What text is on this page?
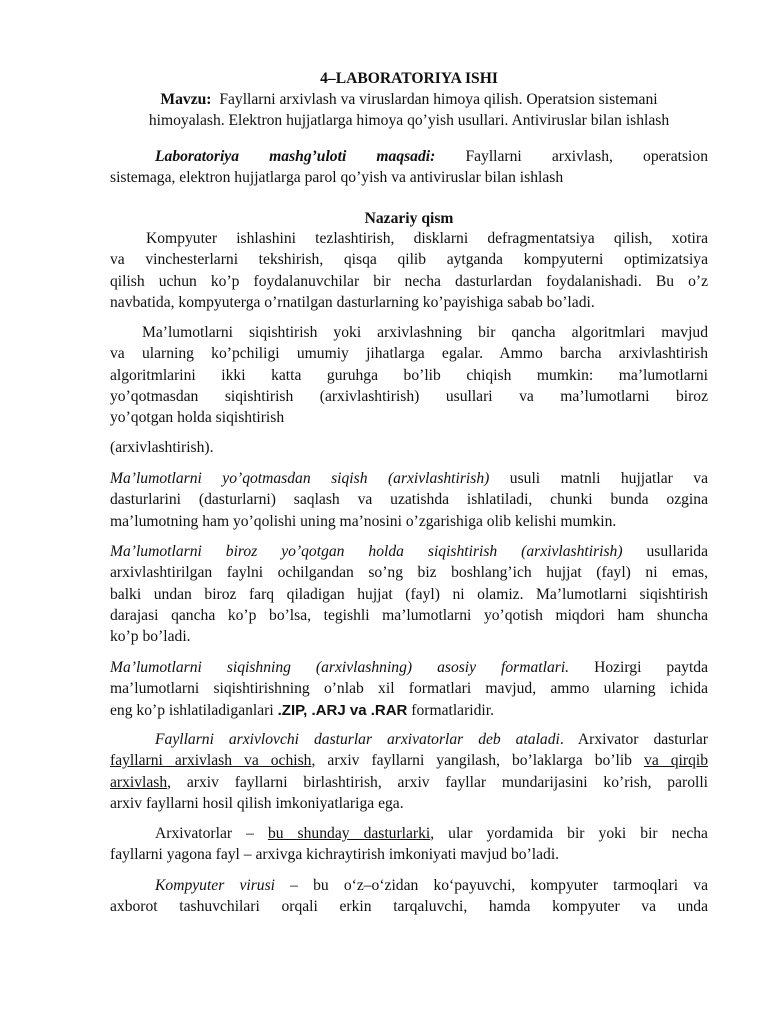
4–LABORATORIYA ISHI
Mavzu: Fayllarni arxivlash va viruslardan himoya qilish. Operatsion sistemani
himoyalash. Elektron hujjatlarga himoya qo’yish usullari. Antiviruslar bilan ishlash
Laboratoriya mashg’uloti maqsadi: Fayllarni arxivlash, operatsion
sistemaga, elektron hujjatlarga parol qo’yish va antiviruslar bilan ishlash
Nazariy qism
Kompyuter ishlashini tezlashtirish, disklarni defragmentatsiya qilish, xotira
va vinchesterlarni tekshirish, qisqa qilib aytganda kompyuterni optimizatsiya
qilish uchun ko’p foydalanuvchilar bir necha dasturlardan foydalanishadi. Bu o’z
navbatida, kompyuterga o’rnatilgan dasturlarning ko’payishiga sabab bo’ladi.
Ma’lumotlarni siqishtirish yoki arxivlashning bir qancha algoritmlari mavjud
va ularning ko’pchiligi umumiy jihatlarga egalar. Ammo barcha arxivlashtirish
algoritmlarini ikki katta guruhga bo’lib chiqish mumkin: ma’lumotlarni
yo’qotmasdan siqishtirish (arxivlashtirish) usullari va ma’lumotlarni biroz
yo’qotgan holda siqishtirish
(arxivlashtirish).
Ma’lumotlarni yo’qotmasdan siqish (arxivlashtirish) usuli matnli hujjatlar va
dasturlarini (dasturlarni) saqlash va uzatishda ishlatiladi, chunki bunda ozgina
ma’lumotning ham yo’qolishi uning ma’nosini o’zgarishiga olib kelishi mumkin.
Ma’lumotlarni biroz yo’qotgan holda siqishtirish (arxivlashtirish) usullarida
arxivlashtirilgan faylni ochilgandan so’ng biz boshlang’ich hujjat (fayl) ni emas,
balki undan biroz farq qiladigan hujjat (fayl) ni olamiz. Ma’lumotlarni siqishtirish
darajasi qancha ko’p bo’lsa, tegishli ma’lumotlarni yo’qotish miqdori ham shuncha
ko’p bo’ladi.
Ma’lumotlarni siqishning (arxivlashning) asosiy formatlari. Hozirgi paytda
ma’lumotlarni siqishtirishning o’nlab xil formatlari mavjud, ammo ularning ichida
eng ko’p ishlatiladiganlari .ZIP, .ARJ va .RAR formatlaridir.
Fayllarni arxivlovchi dasturlar arxivatorlar deb ataladi. Arxivator dasturlar
fayllarni arxivlash va ochish, arxiv fayllarni yangilash, bo’laklarga bo’lib va qirqib
arxivlash, arxiv fayllarni birlashtirish, arxiv fayllar mundarijasini ko’rish, parolli
arxiv fayllarni hosil qilish imkoniyatlariga ega.
Arxivatorlar – bu shunday dasturlarki, ular yordamida bir yoki bir necha
fayllarni yagona fayl – arxivga kichraytirish imkoniyati mavjud bo’ladi.
Kompyuter virusi – bu o‘z–o‘zidan ko‘payuvchi, kompyuter tarmoqlari va
axborot tashuvchilari orqali erkin tarqaluvchi, hamda kompyuter va unda
